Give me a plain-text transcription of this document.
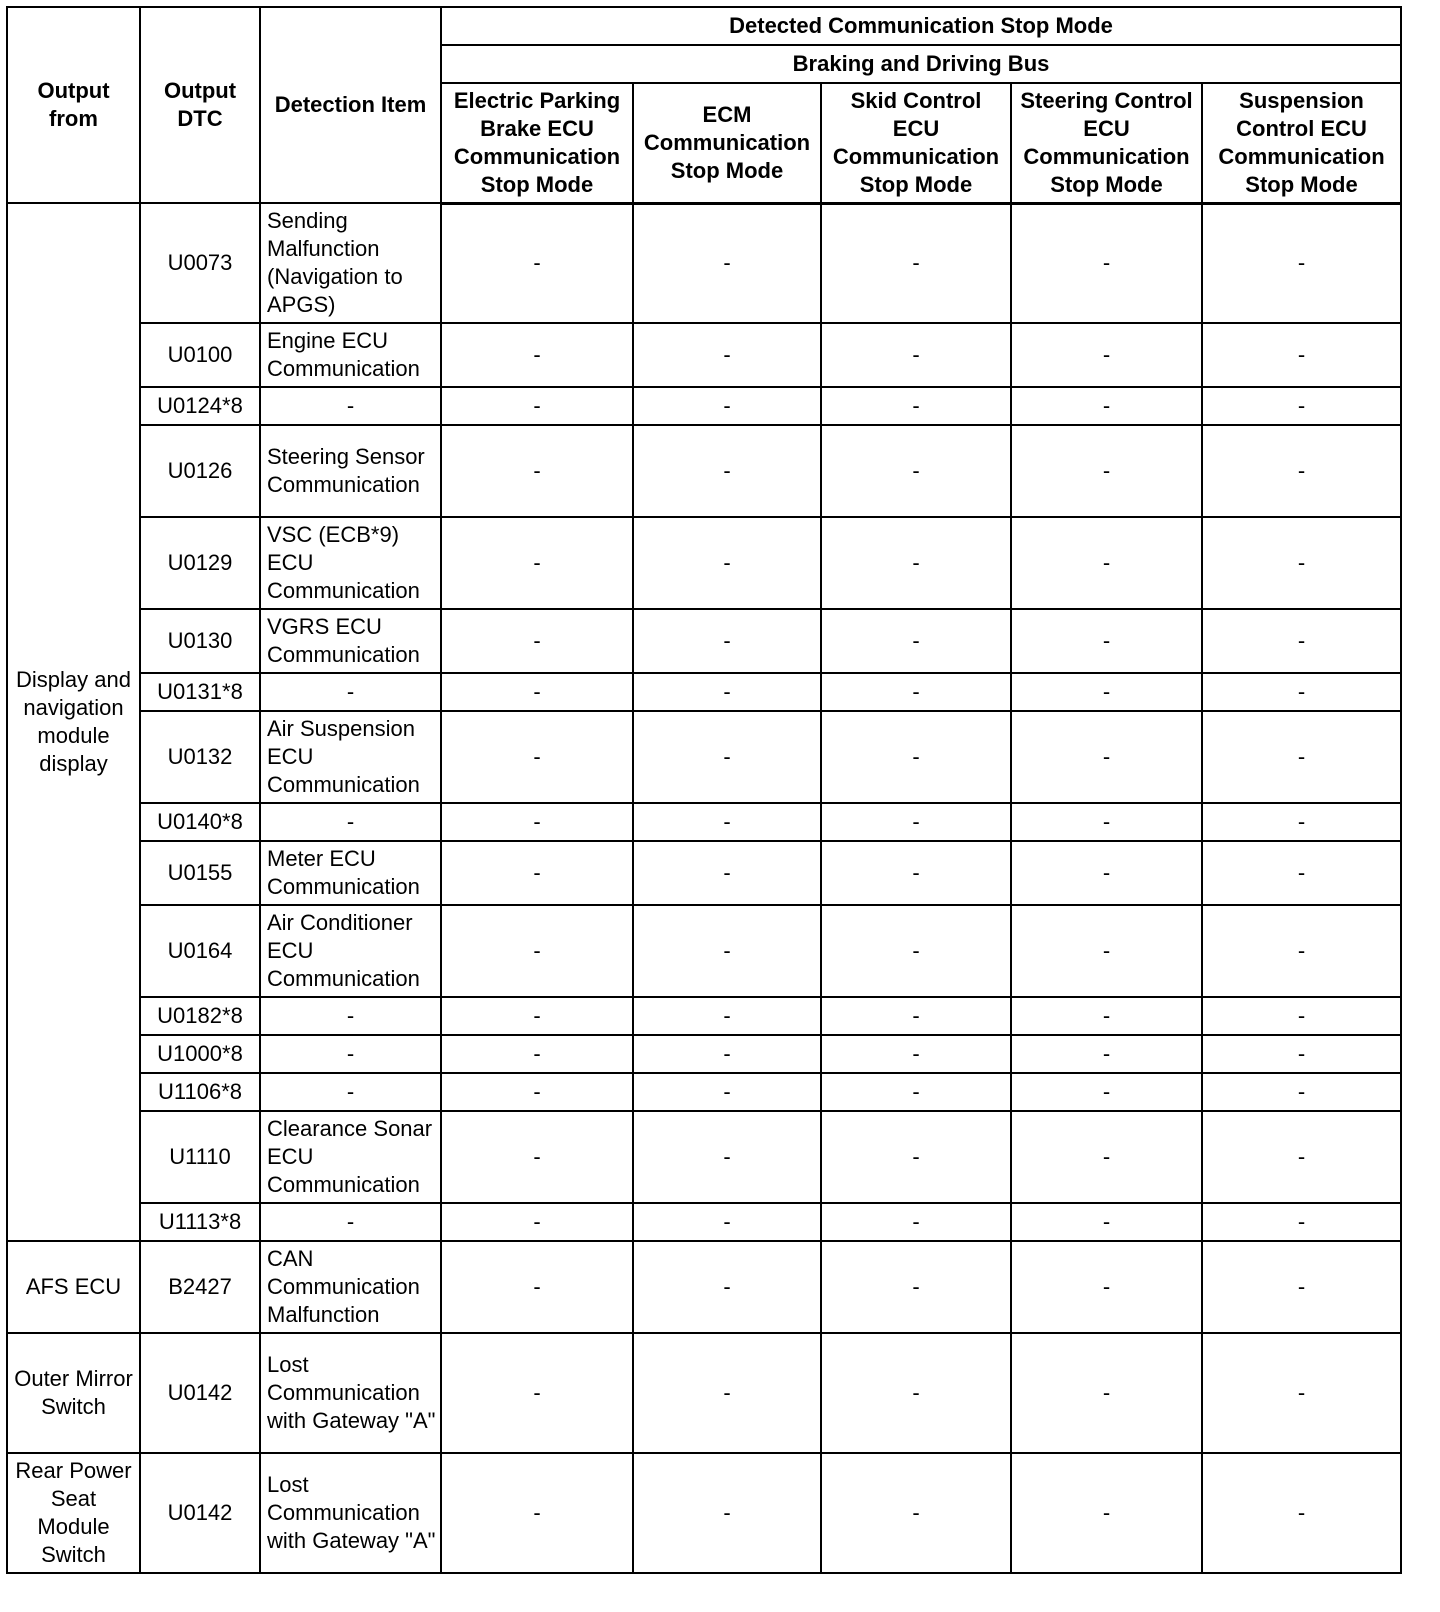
Output from	Output DTC	Detection Item	Detected Communication Stop Mode				
			Braking and Driving Bus				
			Electric Parking Brake ECU Communication Stop Mode	ECM Communication Stop Mode	Skid Control ECU Communication Stop Mode	Steering Control ECU Communication Stop Mode	Suspension Control ECU Communication Stop Mode
Display and navigation module display	U0073	Sending Malfunction (Navigation to APGS)	-	-	-	-	-
	U0100	Engine ECU Communication	-	-	-	-	-
	U0124*8	-	-	-	-	-	-
	U0126	Steering Sensor Communication	-	-	-	-	-
	U0129	VSC (ECB*9) ECU Communication	-	-	-	-	-
	U0130	VGRS ECU Communication	-	-	-	-	-
	U0131*8	-	-	-	-	-	-
	U0132	Air Suspension ECU Communication	-	-	-	-	-
	U0140*8	-	-	-	-	-	-
	U0155	Meter ECU Communication	-	-	-	-	-
	U0164	Air Conditioner ECU Communication	-	-	-	-	-
	U0182*8	-	-	-	-	-	-
	U1000*8	-	-	-	-	-	-
	U1106*8	-	-	-	-	-	-
	U1110	Clearance Sonar ECU Communication	-	-	-	-	-
	U1113*8	-	-	-	-	-	-
AFS ECU	B2427	CAN Communication Malfunction	-	-	-	-	-
Outer Mirror Switch	U0142	Lost Communication with Gateway "A"	-	-	-	-	-
Rear Power Seat Module Switch	U0142	Lost Communication with Gateway "A"	-	-	-	-	-
